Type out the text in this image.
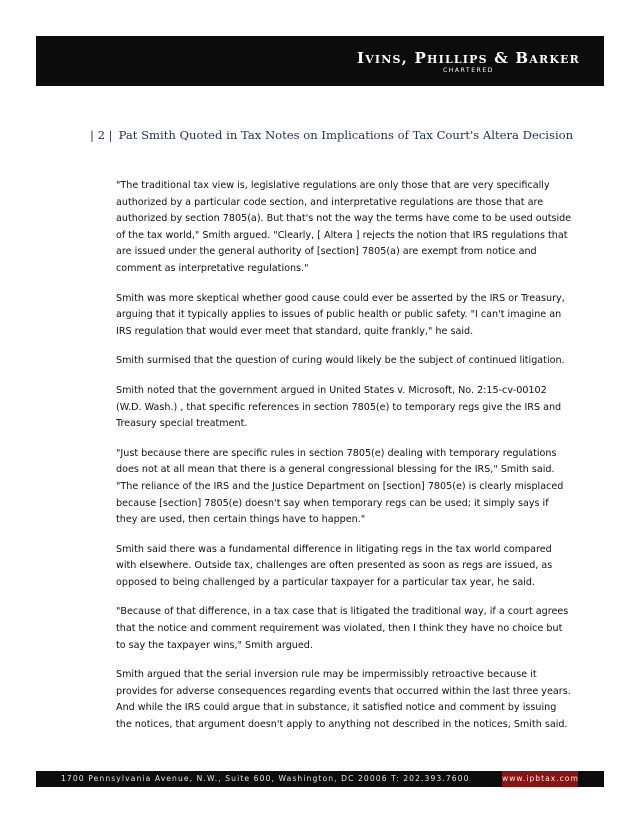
Ivins, Phillips & Barker
CHARTERED
| 2 | Pat Smith Quoted in Tax Notes on Implications of Tax Court's Altera Decision

"The traditional tax view is, legislative regulations are only those that are very specifically authorized by a particular code section, and interpretative regulations are those that are authorized by section 7805(a). But that's not the way the terms have come to be used outside of the tax world," Smith argued. "Clearly, [ Altera ] rejects the notion that IRS regulations that are issued under the general authority of [section] 7805(a) are exempt from notice and comment as interpretative regulations."

Smith was more skeptical whether good cause could ever be asserted by the IRS or Treasury, arguing that it typically applies to issues of public health or public safety. "I can't imagine an IRS regulation that would ever meet that standard, quite frankly," he said.

Smith surmised that the question of curing would likely be the subject of continued litigation.

Smith noted that the government argued in United States v. Microsoft, No. 2:15-cv-00102 (W.D. Wash.) , that specific references in section 7805(e) to temporary regs give the IRS and Treasury special treatment.

"Just because there are specific rules in section 7805(e) dealing with temporary regulations does not at all mean that there is a general congressional blessing for the IRS," Smith said. "The reliance of the IRS and the Justice Department on [section] 7805(e) is clearly misplaced because [section] 7805(e) doesn't say when temporary regs can be used; it simply says if they are used, then certain things have to happen."

Smith said there was a fundamental difference in litigating regs in the tax world compared with elsewhere. Outside tax, challenges are often presented as soon as regs are issued, as opposed to being challenged by a particular taxpayer for a particular tax year, he said.

"Because of that difference, in a tax case that is litigated the traditional way, if a court agrees that the notice and comment requirement was violated, then I think they have no choice but to say the taxpayer wins," Smith argued.

Smith argued that the serial inversion rule may be impermissibly retroactive because it provides for adverse consequences regarding events that occurred within the last three years. And while the IRS could argue that in substance, it satisfied notice and comment by issuing the notices, that argument doesn't apply to anything not described in the notices, Smith said.

1700 Pennsylvania Avenue, N.W., Suite 600, Washington, DC 20006 T: 202.393.7600	www.ipbtax.com
